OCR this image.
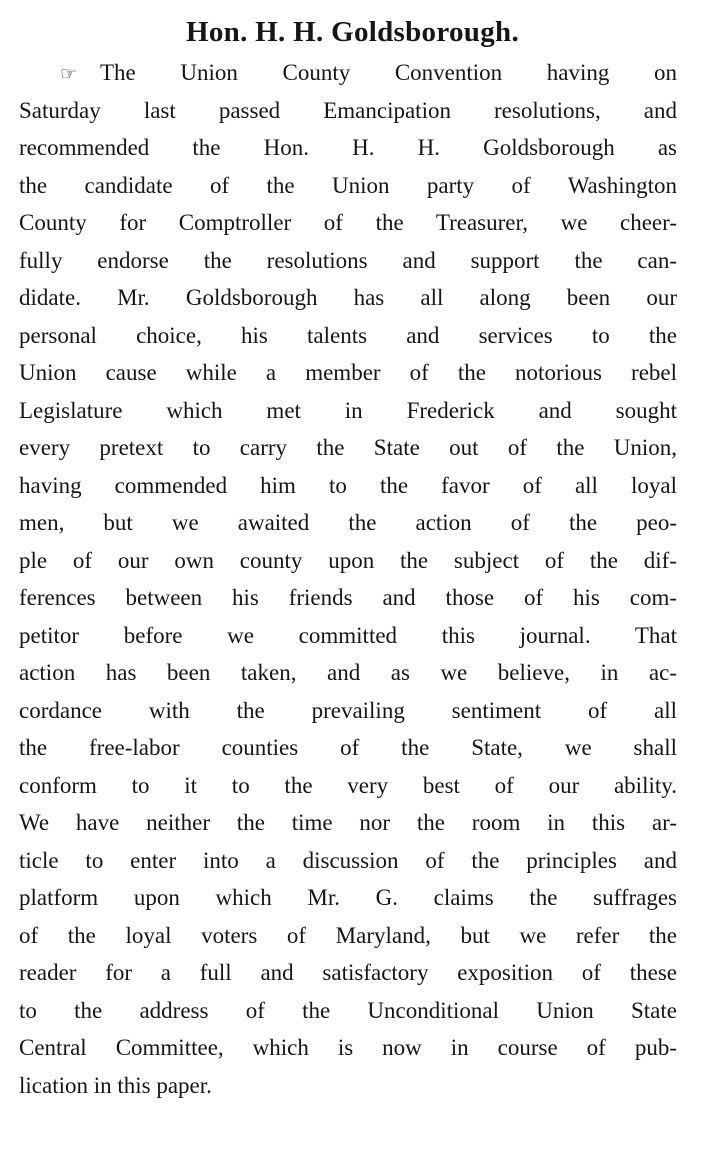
Hon. H. H. Goldsborough.
☞ The Union County Convention having on
Saturday last passed Emancipation resolutions, and
recommended the Hon. H. H. Goldsborough as
the candidate of the Union party of Washington
County for Comptroller of the Treasurer, we cheer-
fully endorse the resolutions and support the can-
didate. Mr. Goldsborough has all along been our
personal choice, his talents and services to the
Union cause while a member of the notorious rebel
Legislature which met in Frederick and sought
every pretext to carry the State out of the Union,
having commended him to the favor of all loyal
men, but we awaited the action of the peo-
ple of our own county upon the subject of the dif-
ferences between his friends and those of his com-
petitor before we committed this journal. That
action has been taken, and as we believe, in ac-
cordance with the prevailing sentiment of all
the free-labor counties of the State, we shall
conform to it to the very best of our ability.
We have neither the time nor the room in this ar-
ticle to enter into a discussion of the principles and
platform upon which Mr. G. claims the suffrages
of the loyal voters of Maryland, but we refer the
reader for a full and satisfactory exposition of these
to the address of the Unconditional Union State
Central Committee, which is now in course of pub-
lication in this paper.
